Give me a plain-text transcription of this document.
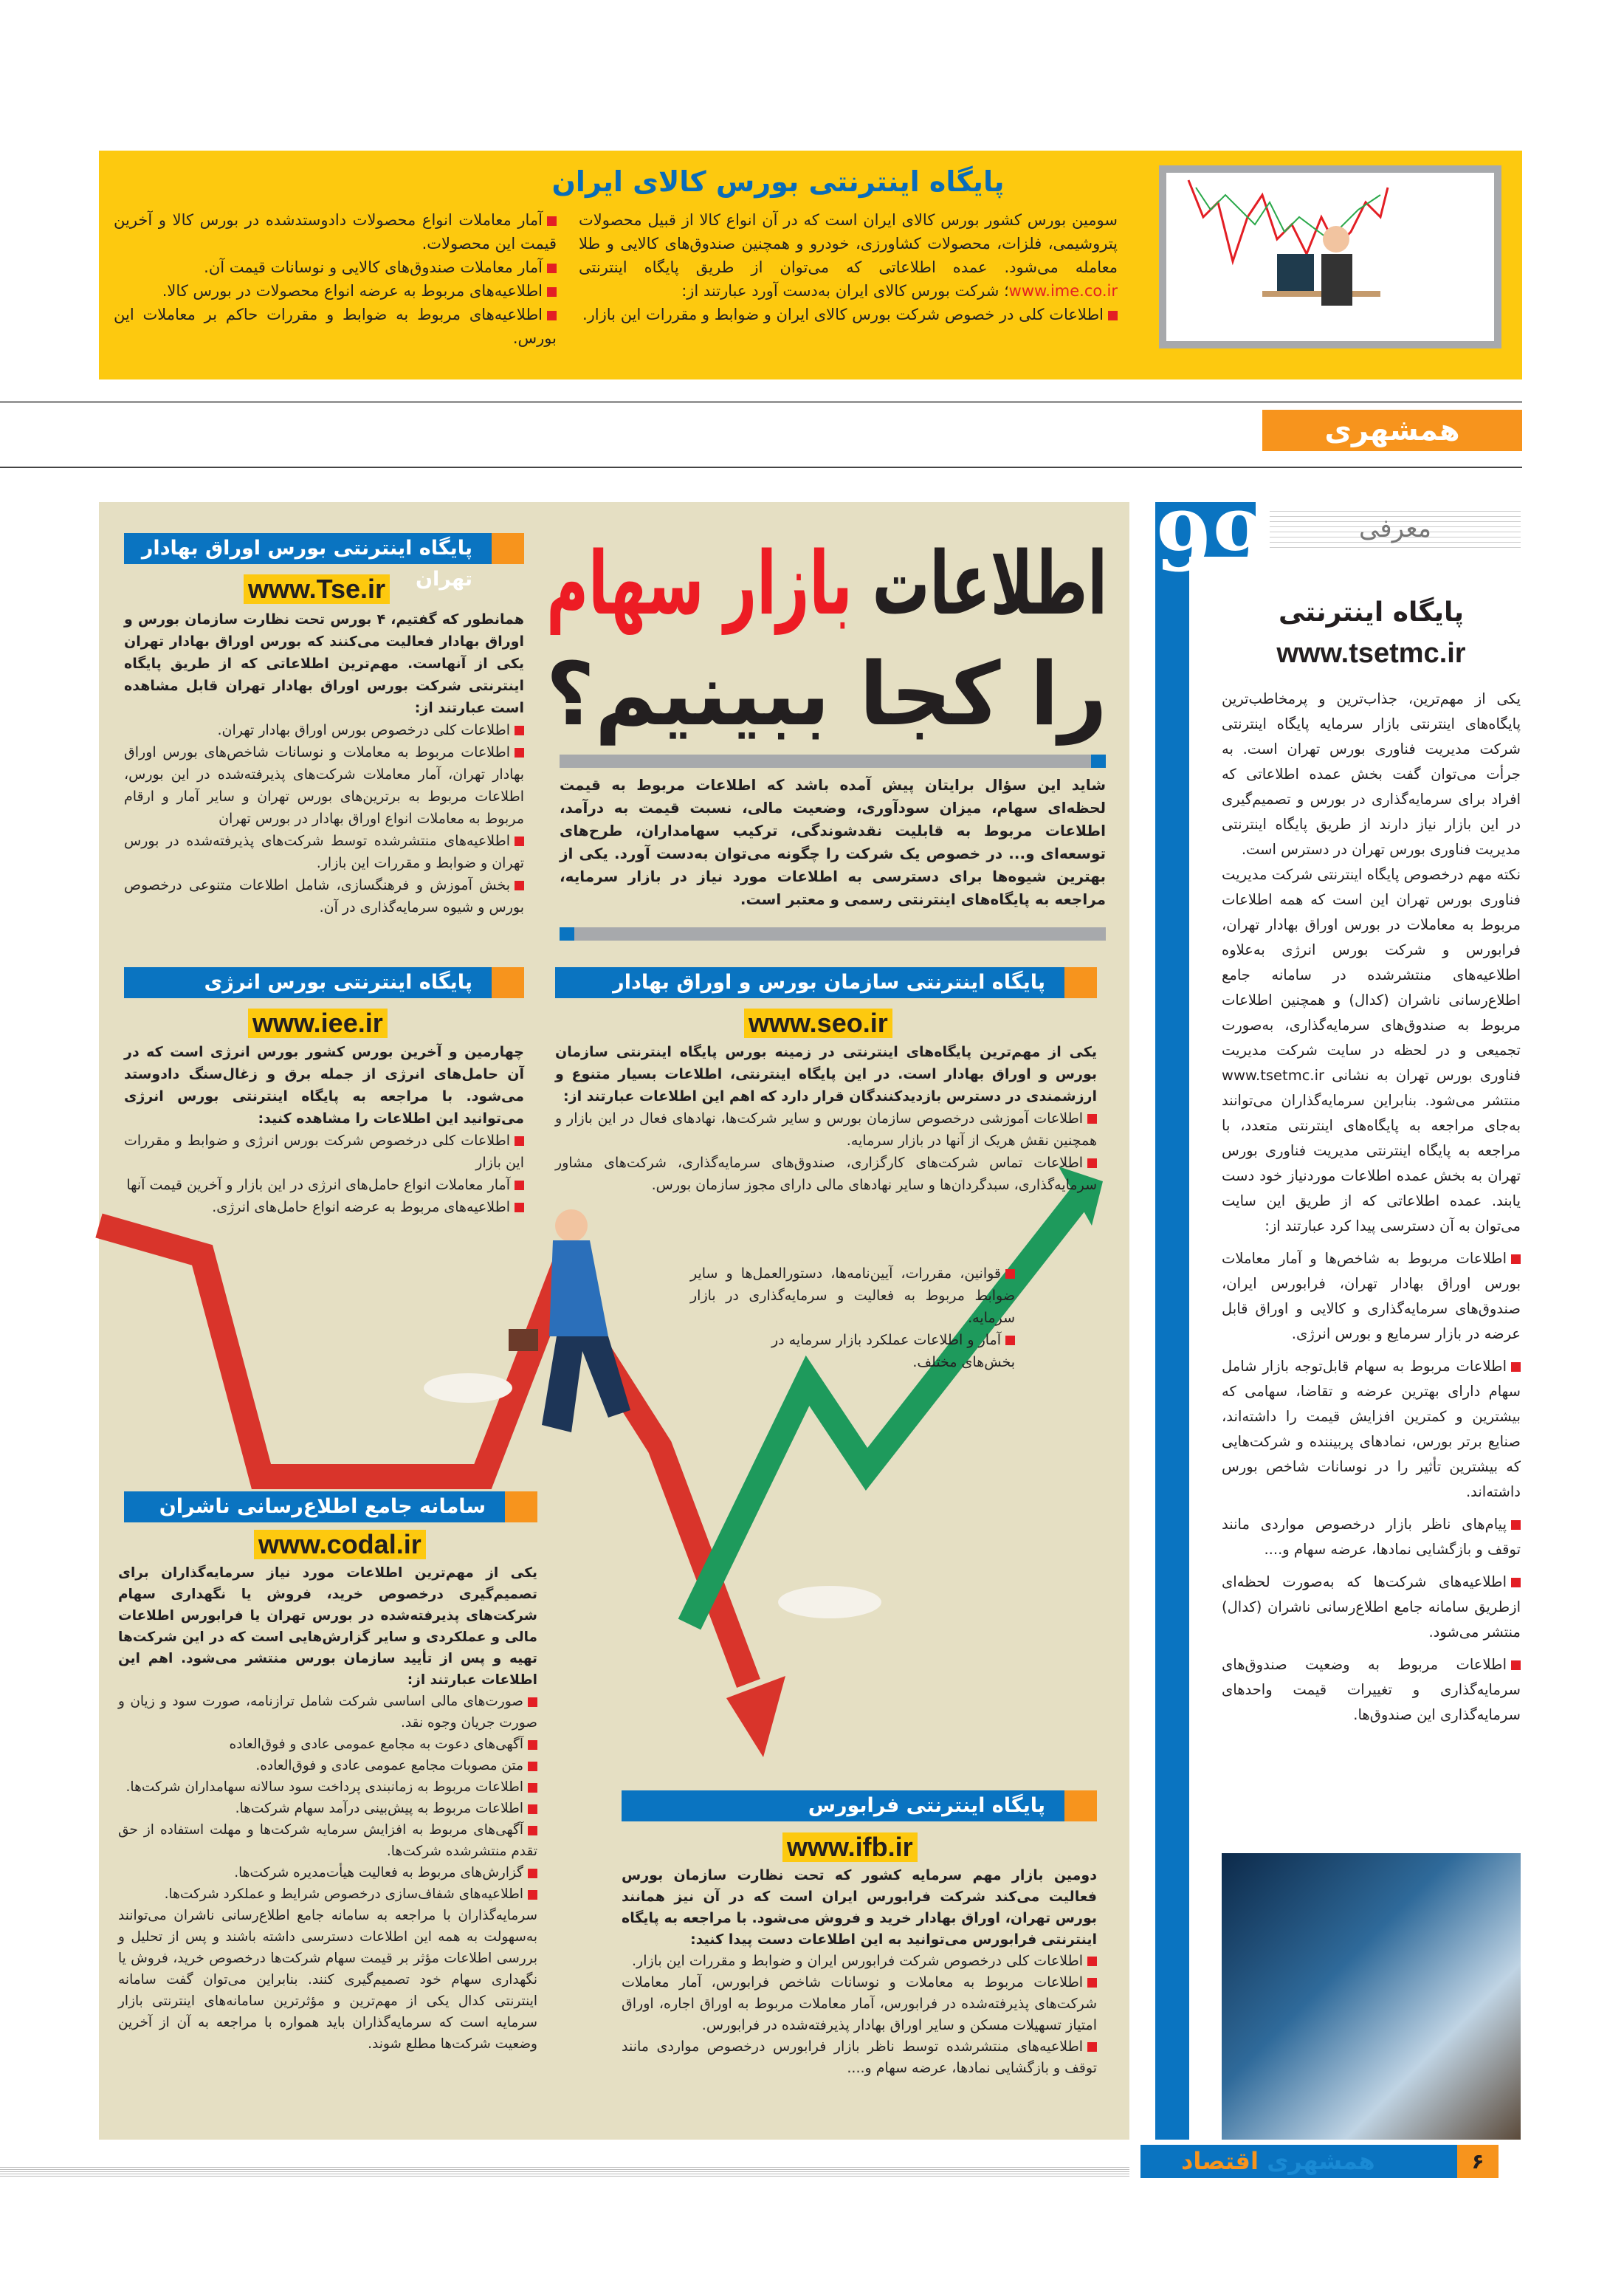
پایگاه اینترنتی بورس کالای ایران
سومین بورس کشور بورس کالای ایران است که در آن انواع کالا از قبیل محصولات پتروشیمی، فلزات، محصولات کشاورزی، خودرو و همچنین صندوق‌های کالایی و طلا معامله می‌شود. عمده اطلاعاتی که می‌توان از طریق پایگاه اینترنتی www.ime.co.ir؛ شرکت بورس کالای ایران به‌دست آورد عبارتند از:
اطلاعات کلی در خصوص شرکت بورس کالای ایران و ضوابط و مقررات این بازار.
آمار معاملات انواع محصولات دادوستدشده در بورس کالا و آخرین قیمت این محصولات.
آمار معاملات صندوق‌های کالایی و نوسانات قیمت آن.
اطلاعیه‌های مربوط به عرضه انواع محصولات در بورس کالا.
اطلاعیه‌های مربوط به ضوابط و مقررات حاکم بر معاملات این بورس.
همشهری
اطلاعات بازار سهام
را کجا ببینیم؟
شاید این سؤال برایتان پیش آمده باشد که اطلاعات مربوط به قیمت لحظه‌ای سهام، میزان سودآوری، وضعیت مالی، نسبت قیمت به درآمد، اطلاعات مربوط به قابلیت نقدشوندگی، ترکیب سهامداران، طرح‌های توسعه‌ای و... در خصوص یک شرکت را چگونه می‌توان به‌دست آورد. یکی از بهترین شیوه‌ها برای دسترسی به اطلاعات مورد نیاز در بازار سرمایه، مراجعه به پایگاه‌های اینترنتی رسمی و معتبر است.
پایگاه اینترنتی بورس اوراق بهادار تهران
www.Tse.ir

همانطور که گفتیم، ۴ بورس تحت نظارت سازمان بورس و اوراق بهادار فعالیت می‌کنند که بورس اوراق بهادار تهران یکی از آنهاست. مهم‌ترین اطلاعاتی که از طریق پایگاه اینترنتی شرکت بورس اوراق بهادار تهران قابل مشاهده است عبارتند از:

اطلاعات کلی درخصوص بورس اوراق بهادار تهران.

اطلاعات مربوط به معاملات و نوسانات شاخص‌های بورس اوراق بهادار تهران، آمار معاملات شرکت‌های پذیرفته‌شده در این بورس، اطلاعات مربوط به برترین‌های بورس تهران و سایر آمار و ارقام مربوط به معاملات انواع اوراق بهادار در بورس تهران

اطلاعیه‌های منتشرشده توسط شرکت‌های پذیرفته‌شده در بورس تهران و ضوابط و مقررات این بازار.

بخش آموزش و فرهنگسازی، شامل اطلاعات متنوعی درخصوص بورس و شیوه سرمایه‌گذاری در آن.

پایگاه اینترنتی سازمان بورس و اوراق بهادار
www.seo.ir

یکی از مهم‌ترین پایگاه‌های اینترنتی در زمینه بورس پایگاه اینترنتی سازمان بورس و اوراق بهادار است. در این پایگاه اینترنتی، اطلاعات بسیار متنوع و ارزشمندی در دسترس بازدیدکنندگان قرار دارد که اهم این اطلاعات عبارتند از:

اطلاعات آموزشی درخصوص سازمان بورس و سایر شرکت‌ها، نهادهای فعال در این بازار و همچنین نقش هریک از آنها در بازار سرمایه.

اطلاعات تماس شرکت‌های کارگزاری، صندوق‌های سرمایه‌گذاری، شرکت‌های مشاور سرمایه‌گذاری، سبدگردان‌ها و سایر نهادهای مالی دارای مجوز سازمان بورس.

قوانین، مقررات، آیین‌نامه‌ها، دستورالعمل‌ها و سایر ضوابط مربوط به فعالیت و سرمایه‌گذاری در بازار سرمایه.

آمار و اطلاعات عملکرد بازار سرمایه در بخش‌های مختلف.

پایگاه اینترنتی بورس انرژی
www.iee.ir

چهارمین و آخرین بورس کشور بورس انرژی است که در آن حامل‌های انرژی از جمله برق و زغال‌سنگ دادوستد می‌شود. با مراجعه به پایگاه اینترنتی بورس انرژی می‌توانید این اطلاعات را مشاهده کنید:

اطلاعات کلی درخصوص شرکت بورس انرژی و ضوابط و مقررات این بازار

آمار معاملات انواع حامل‌های انرژی در این بازار و آخرین قیمت آنها

اطلاعیه‌های مربوط به عرضه انواع حامل‌های انرژی.

سامانه جامع اطلاع‌رسانی ناشران
www.codal.ir

یکی از مهم‌ترین اطلاعات مورد نیاز سرمایه‌گذاران برای تصمیم‌گیری درخصوص خرید، فروش یا نگهداری سهام شرکت‌های پذیرفته‌شده در بورس تهران یا فرابورس اطلاعات مالی و عملکردی و سایر گزارش‌هایی است که در این شرکت‌ها تهیه و پس از تأیید سازمان بورس منتشر می‌شود. اهم این اطلاعات عبارتند از:

صورت‌های مالی اساسی شرکت شامل ترازنامه، صورت سود و زیان و صورت جریان وجوه نقد.

آگهی‌های دعوت به مجامع عمومی عادی و فوق‌العاده

متن مصوبات مجامع عمومی عادی و فوق‌العاده.

اطلاعات مربوط به زمانبندی پرداخت سود سالانه سهامداران شرکت‌ها.

اطلاعات مربوط به پیش‌بینی درآمد سهام شرکت‌ها.

آگهی‌های مربوط به افزایش سرمایه شرکت‌ها و مهلت استفاده از حق تقدم منتشرشده شرکت‌ها.

گزارش‌های مربوط به فعالیت هیأت‌مدیره شرکت‌ها.

اطلاعیه‌های شفاف‌سازی درخصوص شرایط و عملکرد شرکت‌ها.

سرمایه‌گذاران با مراجعه به سامانه جامع اطلاع‌رسانی ناشران می‌توانند به‌سهولت به همه این اطلاعات دسترسی داشته باشند و پس از تحلیل و بررسی اطلاعات مؤثر بر قیمت سهام شرکت‌ها درخصوص خرید، فروش یا نگهداری سهام خود تصمیم‌گیری کنند. بنابراین می‌توان گفت سامانه اینترنتی کدال یکی از مهم‌ترین و مؤثرترین سامانه‌های اینترنتی بازار سرمایه است که سرمایه‌گذاران باید همواره با مراجعه به آن از آخرین وضعیت شرکت‌ها مطلع شوند.

پایگاه اینترنتی فرابورس
www.ifb.ir

دومین بازار مهم سرمایه کشور که تحت نظارت سازمان بورس فعالیت می‌کند شرکت فرابورس ایران است که در آن نیز همانند بورس تهران، اوراق بهادار خرید و فروش می‌شود. با مراجعه به پایگاه اینترنتی فرابورس می‌توانید به این اطلاعات دست پیدا کنید:

اطلاعات کلی درخصوص شرکت فرابورس ایران و ضوابط و مقررات این بازار.

اطلاعات مربوط به معاملات و نوسانات شاخص فرابورس، آمار معاملات شرکت‌های پذیرفته‌شده در فرابورس، آمار معاملات مربوط به اوراق اجاره، اوراق امتیاز تسهیلات مسکن و سایر اوراق بهادار پذیرفته‌شده در فرابورس.

اطلاعیه‌های منتشرشده توسط ناظر بازار فرابورس درخصوص مواردی مانند توقف و بازگشایی نمادها، عرضه سهام و....

99	معرفی
پایگاه اینترنتی
www.tsetmc.ir

یکی از مهم‌ترین، جذاب‌ترین و پرمخاطب‌ترین پایگاه‌های اینترنتی بازار سرمایه پایگاه اینترنتی شرکت مدیریت فناوری بورس تهران است. به جرأت می‌توان گفت بخش عمده اطلاعاتی که افراد برای سرمایه‌گذاری در بورس و تصمیم‌گیری در این بازار نیاز دارند از طریق پایگاه اینترنتی مدیریت فناوری بورس تهران در دسترس است.

نکته مهم درخصوص پایگاه اینترنتی شرکت مدیریت فناوری بورس تهران این است که همه اطلاعات مربوط به معاملات در بورس اوراق بهادار تهران، فرابورس و شرکت بورس انرژی به‌علاوه اطلاعیه‌های منتشرشده در سامانه جامع اطلاع‌رسانی ناشران (کدال) و همچنین اطلاعات مربوط به صندوق‌های سرمایه‌گذاری، به‌صورت تجمیعی و در لحظه در سایت شرکت مدیریت فناوری بورس تهران به نشانی www.tsetmc.ir منتشر می‌شود. بنابراین سرمایه‌گذاران می‌توانند به‌جای مراجعه به پایگاه‌های اینترنتی متعدد، با مراجعه به پایگاه اینترنتی مدیریت فناوری بورس تهران به بخش عمده اطلاعات موردنیاز خود دست یابند. عمده اطلاعاتی که از طریق این سایت می‌توان به آن دسترسی پیدا کرد عبارتند از:

اطلاعات مربوط به شاخص‌ها و آمار معاملات بورس اوراق بهادار تهران، فرابورس ایران، صندوق‌های سرمایه‌گذاری و کالایی و اوراق قابل عرضه در بازار سرمایع و بورس انرژی.

اطلاعات مربوط به سهام قابل‌توجه بازار شامل سهام دارای بهترین عرضه و تقاضا، سهامی که بیشترین و کمترین افزایش قیمت را داشته‌اند، صنایع برتر بورس، نمادهای پربیننده و شرکت‌هایی که بیشترین تأثیر را در نوسانات شاخص بورس داشته‌اند.

پیام‌های ناظر بازار درخصوص مواردی مانند توقف و بازگشایی نمادها، عرضه سهام و....

اطلاعیه‌های شرکت‌ها که به‌صورت لحظه‌ای ازطریق سامانه جامع اطلاع‌رسانی ناشران (کدال) منتشر می‌شود.

اطلاعات مربوط به وضعیت صندوق‌های سرمایه‌گذاری و تغییرات قیمت واحدهای سرمایه‌گذاری این صندوق‌ها.

همشهری اقتصاد	۶
